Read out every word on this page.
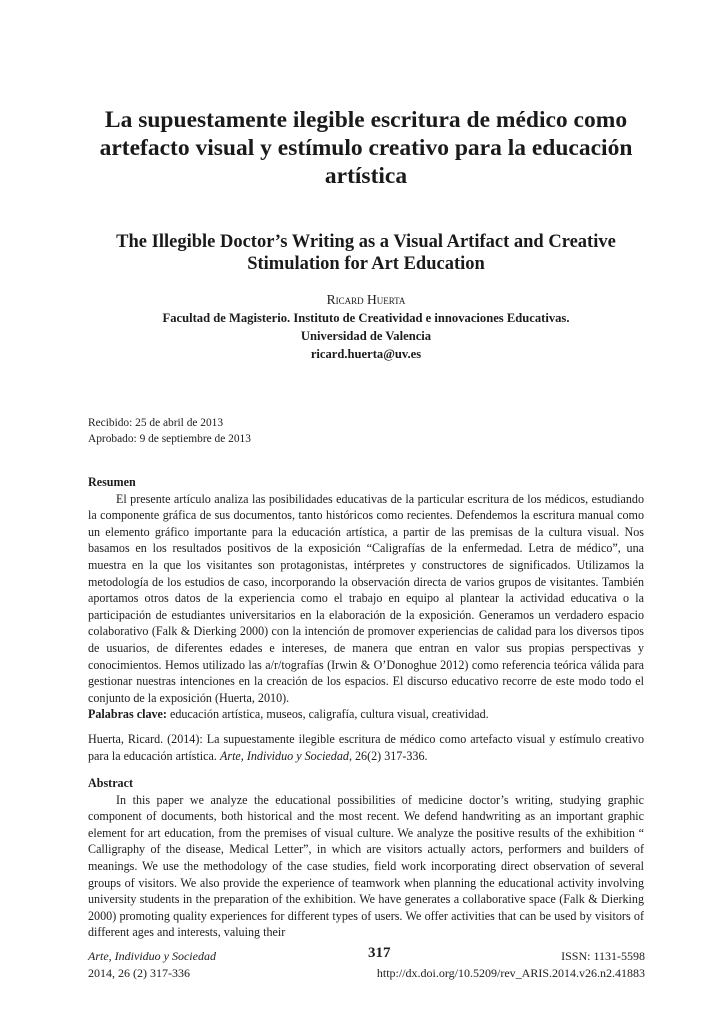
La supuestamente ilegible escritura de médico como artefacto visual y estímulo creativo para la educación artística
The Illegible Doctor’s Writing as a Visual Artifact and Creative Stimulation for Art Education
Ricard Huerta
Facultad de Magisterio. Instituto de Creatividad e innovaciones Educativas.
Universidad de Valencia
ricard.huerta@uv.es
Recibido: 25 de abril de 2013
Aprobado: 9 de septiembre de 2013
Resumen

El presente artículo analiza las posibilidades educativas de la particular escritura de los médicos, estudiando la componente gráfica de sus documentos, tanto históricos como recientes. Defendemos la escritura manual como un elemento gráfico importante para la educación artística, a partir de las premisas de la cultura visual. Nos basamos en los resultados positivos de la exposición “Caligrafías de la enfermedad. Letra de médico”, una muestra en la que los visitantes son protagonistas, intérpretes y constructores de significados. Utilizamos la metodología de los estudios de caso, incorporando la observación directa de varios grupos de visitantes. También aportamos otros datos de la experiencia como el trabajo en equipo al plantear la actividad educativa o la participación de estudiantes universitarios en la elaboración de la exposición. Generamos un verdadero espacio colaborativo (Falk & Dierking 2000) con la intención de promover experiencias de calidad para los diversos tipos de usuarios, de diferentes edades e intereses, de manera que entran en valor sus propias perspectivas y conocimientos. Hemos utilizado las a/r/tografías (Irwin & O’Donoghue 2012) como referencia teórica válida para gestionar nuestras intenciones en la creación de los espacios. El discurso educativo recorre de este modo todo el conjunto de la exposición (Huerta, 2010).

Palabras clave: educación artística, museos, caligrafía, cultura visual, creatividad.
Huerta, Ricard. (2014): La supuestamente ilegible escritura de médico como artefacto visual y estímulo creativo para la educación artística. Arte, Individuo y Sociedad, 26(2) 317-336.
Abstract

In this paper we analyze the educational possibilities of medicine doctor’s writing, studying graphic component of documents, both historical and the most recent. We defend handwriting as an important graphic element for art education, from the premises of visual culture. We analyze the positive results of the exhibition “ Calligraphy of the disease, Medical Letter”, in which are visitors actually actors, performers and builders of meanings. We use the methodology of the case studies, field work incorporating direct observation of several groups of visitors. We also provide the experience of teamwork when planning the educational activity involving university students in the preparation of the exhibition. We have generates a collaborative space (Falk & Dierking 2000) promoting quality experiences for different types of users. We offer activities that can be used by visitors of different ages and interests, valuing their

Arte, Individuo y Sociedad
2014, 26 (2) 317-336
317	ISSN: 1131-5598
http://dx.doi.org/10.5209/rev_ARIS.2014.v26.n2.41883
